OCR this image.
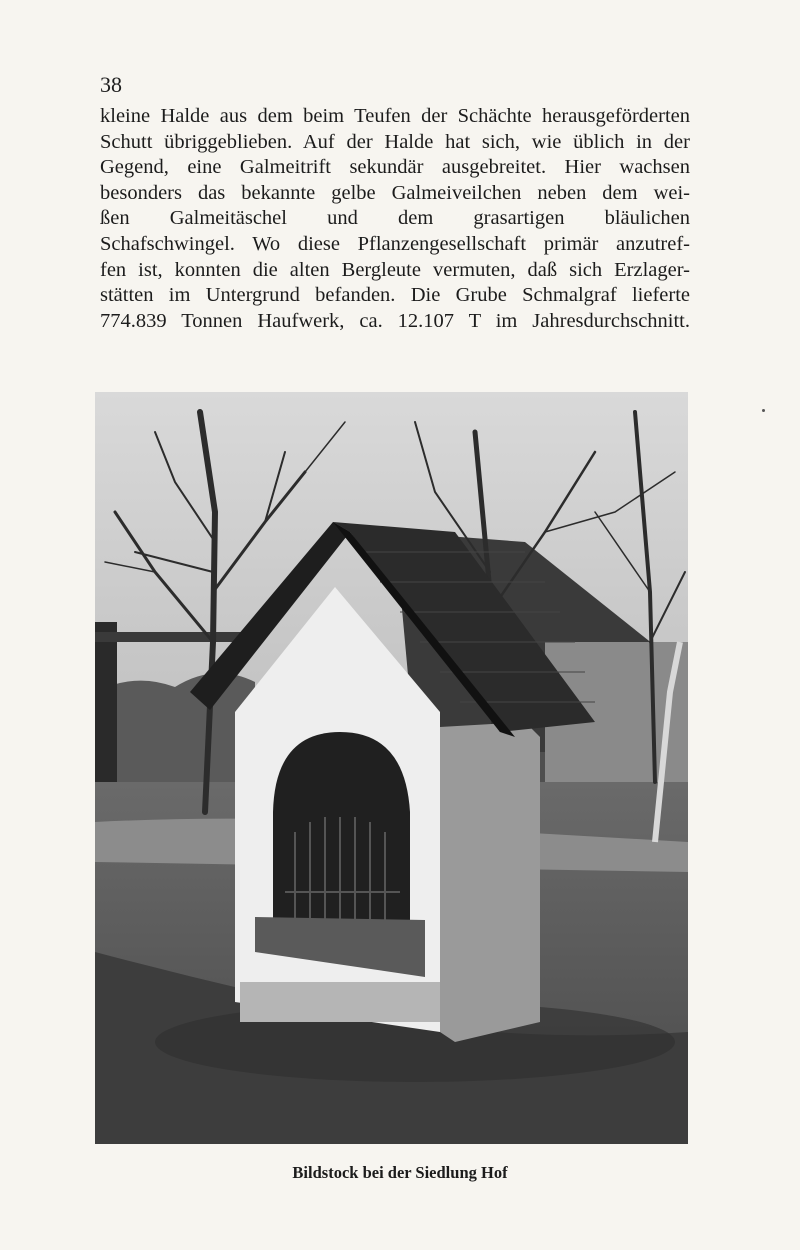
38
kleine Halde aus dem beim Teufen der Schächte herausgeförderten
Schutt übriggeblieben. Auf der Halde hat sich, wie üblich in der
Gegend, eine Galmeitrift sekundär ausgebreitet. Hier wachsen
besonders das bekannte gelbe Galmeiveilchen neben dem wei-
ßen Galmeitäschel und dem grasartigen bläulichen
Schafschwingel. Wo diese Pflanzengesellschaft primär anzutref-
fen ist, konnten die alten Bergleute vermuten, daß sich Erzlager-
stätten im Untergrund befanden. Die Grube Schmalgraf lieferte
774.839 Tonnen Haufwerk, ca. 12.107 T im Jahresdurchschnitt.
Bildstock bei der Siedlung Hof
